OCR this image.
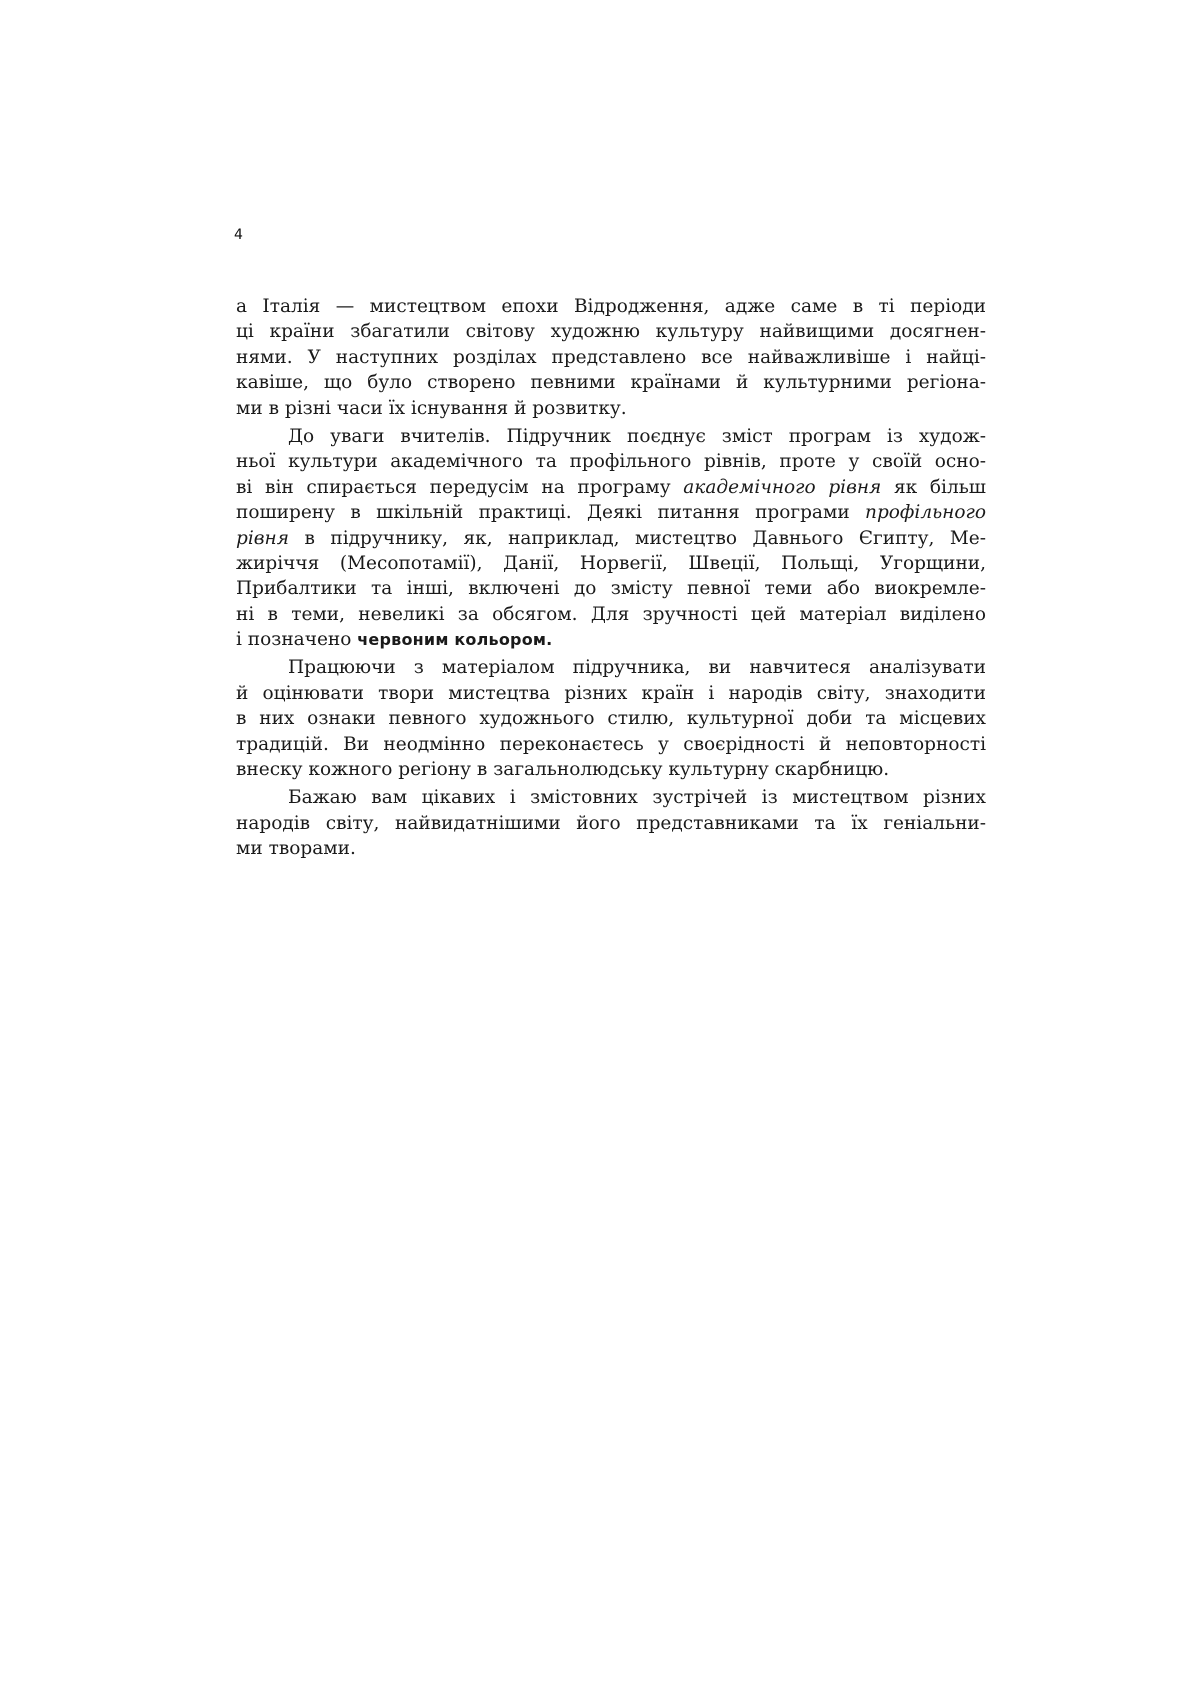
4
а Італія — мистецтвом епохи Відродження, адже саме в ті періоди
ці країни збагатили світову художню культуру найвищими досягнен-
нями. У наступних розділах представлено все найважливіше і найці-
кавіше, що було створено певними країнами й культурними регіона-
ми в різні часи їх існування й розвитку.
До уваги вчителів. Підручник поєднує зміст програм із худож-
ньої культури академічного та профільного рівнів, проте у своїй осно-
ві він спирається передусім на програму академічного рівня як більш
поширену в шкільній практиці. Деякі питання програми профільного
рівня в підручнику, як, наприклад, мистецтво Давнього Єгипту, Ме-
жиріччя (Месопотамії), Данії, Норвегії, Швеції, Польщі, Угорщини,
Прибалтики та інші, включені до змісту певної теми або виокремле-
ні в теми, невеликі за обсягом. Для зручності цей матеріал виділено
і позначено червоним кольором.
Працюючи з матеріалом підручника, ви навчитеся аналізувати
й оцінювати твори мистецтва різних країн і народів світу, знаходити
в них ознаки певного художнього стилю, культурної доби та місцевих
традицій. Ви неодмінно переконаєтесь у своєрідності й неповторності
внеску кожного регіону в загальнолюдську культурну скарбницю.
Бажаю вам цікавих і змістовних зустрічей із мистецтвом різних
народів світу, найвидатнішими його представниками та їх геніальни-
ми творами.
